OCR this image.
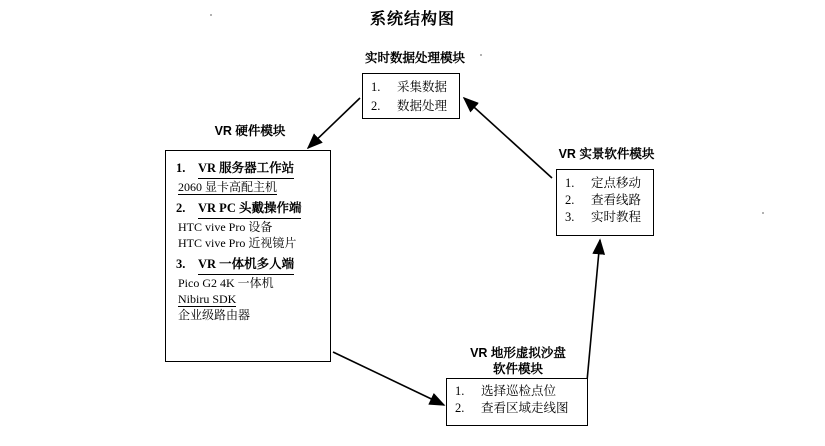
系统结构图
实时数据处理模块
1.	采集数据
2.	数据处理
VR 硬件模块
1.	VR 服务器工作站
2060 显卡高配主机
2.	VR PC 头戴操作端
HTC vive Pro 设备
HTC vive Pro 近视镜片
3.	VR 一体机多人端
Pico G2 4K 一体机
Nibiru SDK
企业级路由器
VR 实景软件模块
1.	定点移动
2.	查看线路
3.	实时教程
VR 地形虚拟沙盘
软件模块
1.	选择巡检点位
2.	查看区域走线图
